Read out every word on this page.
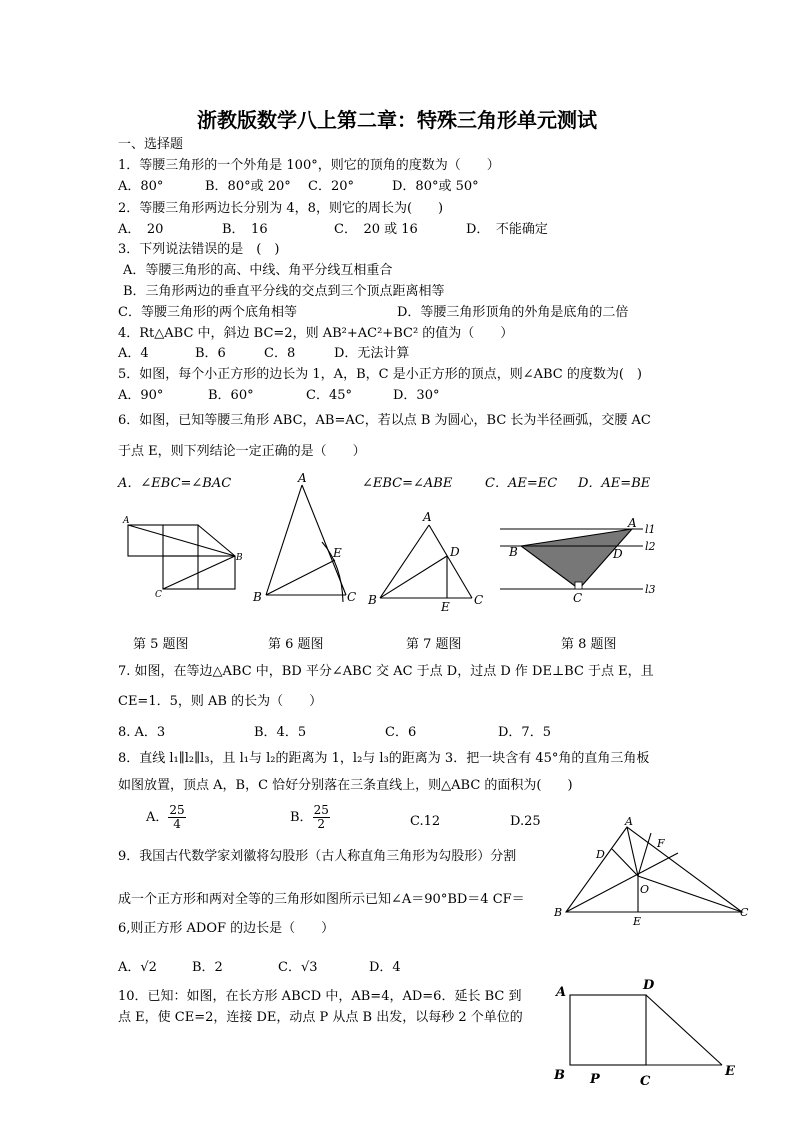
浙教版数学八上第二章：特殊三角形单元测试
一、选择题
1．等腰三角形的一个外角是 100°，则它的顶角的度数为（　　）
A．80°	B．80°或 20° C．20°	D．80°或 50°
2．等腰三角形两边长分别为 4，8，则它的周长为(　　)
A．　20	B．　16	C．　20 或 16	D．　不能确定
3．下列说法错误的是　(　)
A．等腰三角形的高、中线、角平分线互相重合
B．三角形两边的垂直平分线的交点到三个顶点距离相等
C．等腰三角形的两个底角相等	D．等腰三角形顶角的外角是底角的二倍
4．Rt△ABC 中，斜边 BC=2，则 AB²+AC²+BC² 的值为（　　）
A．4	B．6	C．8	D．无法计算
5．如图，每个小正方形的边长为 1，A，B，C 是小正方形的顶点，则∠ABC 的度数为(　)
A．90°	B．60°	C．45°	D．30°
6．如图，已知等腰三角形 ABC，AB=AC，若以点 B 为圆心，BC 长为半径画弧，交腰 AC
于点 E，则下列结论一定正确的是（　　）
A．∠EBC=∠BAC	∠EBC=∠ABE	C．AE=EC D．AE=BE
A
B
C
A
E
B	C
A
D
B	E C
A
B	D
C
l1
l2
l3
第 5 题图	第 6 题图	第 7 题图	第 8 题图
7. 如图，在等边△ABC 中，BD 平分∠ABC 交 AC 于点 D，过点 D 作 DE⊥BC 于点 E，且
CE=1．5，则 AB 的长为（　　）
8. A．3	B．4．5	C．6	D．7．5
8．直线 l₁∥l₂∥l₃，且 l₁与 l₂的距离为 1，l₂与 l₃的距离为 3．把一块含有 45°角的直角三角板
如图放置，顶点 A，B，C 恰好分别落在三条直线上，则△ABC 的面积为(　　)
A． $\frac{25}{4}$	B． $\frac{25}{2}$	C.12	D.25
9．我国古代数学家刘徽将勾股形（古人称直角三角形为勾股形）分割
成一个正方形和两对全等的三角形如图所示已知∠A＝90°BD＝4 CF＝
6,则正方形 ADOF 的边长是（　　）
A．√2	B．2	C．√3	D．4
A
F
D
O
B
E
C
10．已知：如图，在长方形 ABCD 中，AB=4，AD=6．延长 BC 到
点 E，使 CE=2，连接 DE，动点 P 从点 B 出发，以每秒 2 个单位的
A	D
B P	C
E
